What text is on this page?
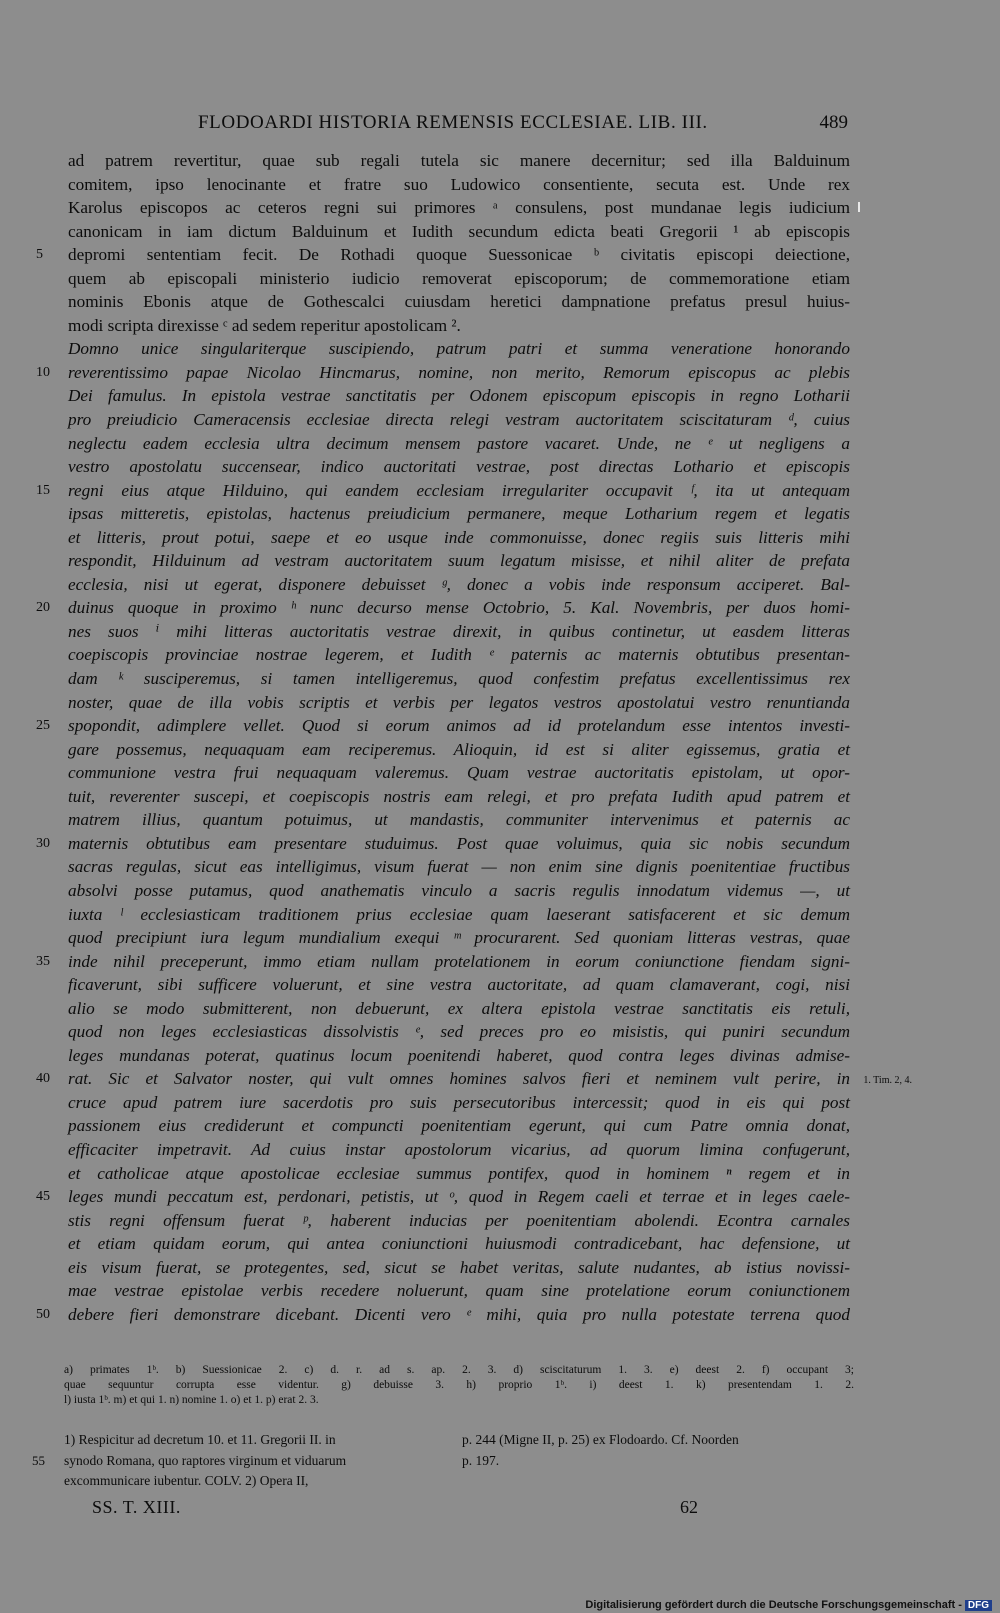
FLODOARDI HISTORIA REMENSIS ECCLESIAE. LIB. III.	489
ad patrem revertitur, quae sub regali tutela sic manere decernitur; sed illa Balduinum
comitem, ipso lenocinante et fratre suo Ludowico consentiente, secuta est. Unde rex
Karolus episcopos ac ceteros regni sui primores ᵃ consulens, post mundanae legis iudicium
canonicam in iam dictum Balduinum et Iudith secundum edicta beati Gregorii ¹ ab episcopis
5 depromi sententiam fecit. De Rothadi quoque Suessonicae ᵇ civitatis episcopi deiectione,
quem ab episcopali ministerio iudicio removerat episcoporum; de commemoratione etiam
nominis Ebonis atque de Gothescalci cuiusdam heretici dampnatione prefatus presul huius-
modi scripta direxisse ᶜ ad sedem reperitur apostolicam ².
Domno unice singulariterque suscipiendo, patrum patri et summa veneratione honorando
10 reverentissimo papae Nicolao Hincmarus, nomine, non merito, Remorum episcopus ac plebis
Dei famulus. In epistola vestrae sanctitatis per Odonem episcopum episcopis in regno Lotharii
pro preiudicio Cameracensis ecclesiae directa relegi vestram auctoritatem sciscitaturam ᵈ, cuius
neglectu eadem ecclesia ultra decimum mensem pastore vacaret. Unde, ne ᵉ ut negligens a
vestro apostolatu succensear, indico auctoritati vestrae, post directas Lothario et episcopis
15 regni eius atque Hilduino, qui eandem ecclesiam irregulariter occupavit ᶠ, ita ut antequam
ipsas mitteretis, epistolas, hactenus preiudicium permanere, meque Lotharium regem et legatis
et litteris, prout potui, saepe et eo usque inde commonuisse, donec regiis suis litteris mihi
respondit, Hilduinum ad vestram auctoritatem suum legatum misisse, et nihil aliter de prefata
ecclesia, nisi ut egerat, disponere debuisset ᵍ, donec a vobis inde responsum acciperet. Bal-
20 duinus quoque in proximo ʰ nunc decurso mense Octobrio, 5. Kal. Novembris, per duos homi-
nes suos ⁱ mihi litteras auctoritatis vestrae direxit, in quibus continetur, ut easdem litteras
coepiscopis provinciae nostrae legerem, et Iudith ᵉ paternis ac maternis obtutibus presentan-
dam ᵏ susciperemus, si tamen intelligeremus, quod confestim prefatus excellentissimus rex
noster, quae de illa vobis scriptis et verbis per legatos vestros apostolatui vestro renuntianda
25 spopondit, adimplere vellet. Quod si eorum animos ad id protelandum esse intentos investi-
gare possemus, nequaquam eam reciperemus. Alioquin, id est si aliter egissemus, gratia et
communione vestra frui nequaquam valeremus. Quam vestrae auctoritatis epistolam, ut opor-
tuit, reverenter suscepi, et coepiscopis nostris eam relegi, et pro prefata Iudith apud patrem et
matrem illius, quantum potuimus, ut mandastis, communiter intervenimus et paternis ac
30 maternis obtutibus eam presentare studuimus. Post quae voluimus, quia sic nobis secundum
sacras regulas, sicut eas intelligimus, visum fuerat — non enim sine dignis poenitentiae fructibus
absolvi posse putamus, quod anathematis vinculo a sacris regulis innodatum videmus —, ut
iuxta ˡ ecclesiasticam traditionem prius ecclesiae quam laeserant satisfacerent et sic demum
quod precipiunt iura legum mundialium exequi ᵐ procurarent. Sed quoniam litteras vestras, quae
35 inde nihil preceperunt, immo etiam nullam protelationem in eorum coniunctione fiendam signi-
ficaverunt, sibi sufficere voluerunt, et sine vestra auctoritate, ad quam clamaverant, cogi, nisi
alio se modo submitterent, non debuerunt, ex altera epistola vestrae sanctitatis eis retuli,
quod non leges ecclesiasticas dissolvistis ᵉ, sed preces pro eo misistis, qui puniri secundum
leges mundanas poterat, quatinus locum poenitendi haberet, quod contra leges divinas admise-
40 rat. Sic et Salvator noster, qui vult omnes homines salvos fieri et neminem vult perire, in 1. Tim. 2, 4.
cruce apud patrem iure sacerdotis pro suis persecutoribus intercessit; quod in eis qui post
passionem eius crediderunt et compuncti poenitentiam egerunt, qui cum Patre omnia donat,
efficaciter impetravit. Ad cuius instar apostolorum vicarius, ad quorum limina confugerunt,
et catholicae atque apostolicae ecclesiae summus pontifex, quod in hominem ⁿ regem et in
45 leges mundi peccatum est, perdonari, petistis, ut ᵒ, quod in Regem caeli et terrae et in leges caele-
stis regni offensum fuerat ᵖ, haberent inducias per poenitentiam abolendi. Econtra carnales
et etiam quidam eorum, qui antea coniunctioni huiusmodi contradicebant, hac defensione, ut
eis visum fuerat, se protegentes, sed, sicut se habet veritas, salute nudantes, ab istius novissi-
mae vestrae epistolae verbis recedere noluerunt, quam sine protelatione eorum coniunctionem
50 debere fieri demonstrare dicebant. Dicenti vero ᵉ mihi, quia pro nulla potestate terrena quod
a) primates 1ᵇ. b) Suessionicae 2. c) d. r. ad s. ap. 2. 3. d) sciscitaturum 1. 3. e) deest 2. f) occupant 3;
quae sequuntur corrupta esse videntur. g) debuisse 3. h) proprio 1ᵇ. i) deest 1. k) presentendam 1. 2.
l) iusta 1ᵇ. m) et qui 1. n) nomine 1. o) et 1. p) erat 2. 3.
1) Respicitur ad decretum 10. et 11. Gregorii II. in
55 synodo Romana, quo raptores virginum et viduarum
excommunicare iubentur. COLV. 2) Opera II,
p. 244 (Migne II, p. 25) ex Flodoardo. Cf. Noorden
p. 197.
SS. T. XIII.	62
Digitalisierung gefördert durch die Deutsche Forschungsgemeinschaft - DFG
